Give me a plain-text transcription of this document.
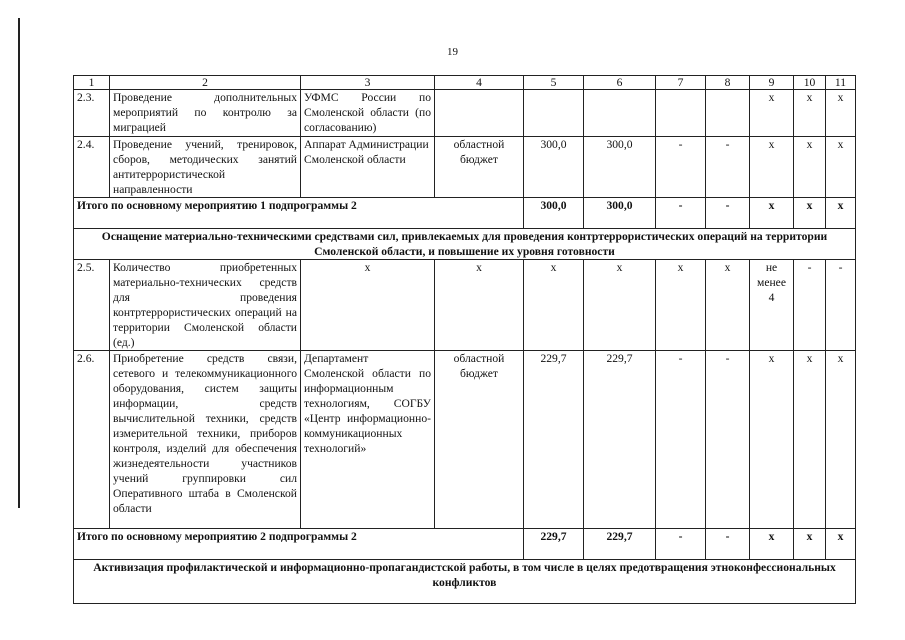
19
1	2	3	4	5	6	7	8	9	10	11
2.3.	Проведение дополнительных мероприятий по контролю за миграцией	УФМС России по Смоленской области (по согласованию)						x	x	x
2.4.	Проведение учений, тренировок, сборов, методических занятий антитеррористической направленности	Аппарат Администрации Смоленской области	областной бюджет	300,0	300,0	-	-	x	x	x
Итого по основному мероприятию 1 подпрограммы 2				300,0	300,0	-	-	x	x	x
Оснащение материально-техническими средствами сил, привлекаемых для проведения контртеррористических операций на территории Смоленской области, и повышение их уровня готовности										
2.5.	Количество приобретенных материально-технических средств для проведения контртеррористических операций на территории Смоленской области (ед.)	x	x	x	x	x	x	не менее 4	-	-
2.6.	Приобретение средств связи, сетевого и телекоммуникационного оборудования, систем защиты информации, средств вычислительной техники, средств измерительной техники, приборов контроля, изделий для обеспечения жизнедеятельности участников учений группировки сил Оперативного штаба в Смоленской области	Департамент Смоленской области по информационным технологиям, СОГБУ «Центр информационно-коммуникационных технологий»	областной бюджет	229,7	229,7	-	-	x	x	x
Итого по основному мероприятию 2 подпрограммы 2				229,7	229,7	-	-	x	x	x
Активизация профилактической и информационно-пропагандистской работы, в том числе в целях предотвращения этноконфессиональных конфликтов										
